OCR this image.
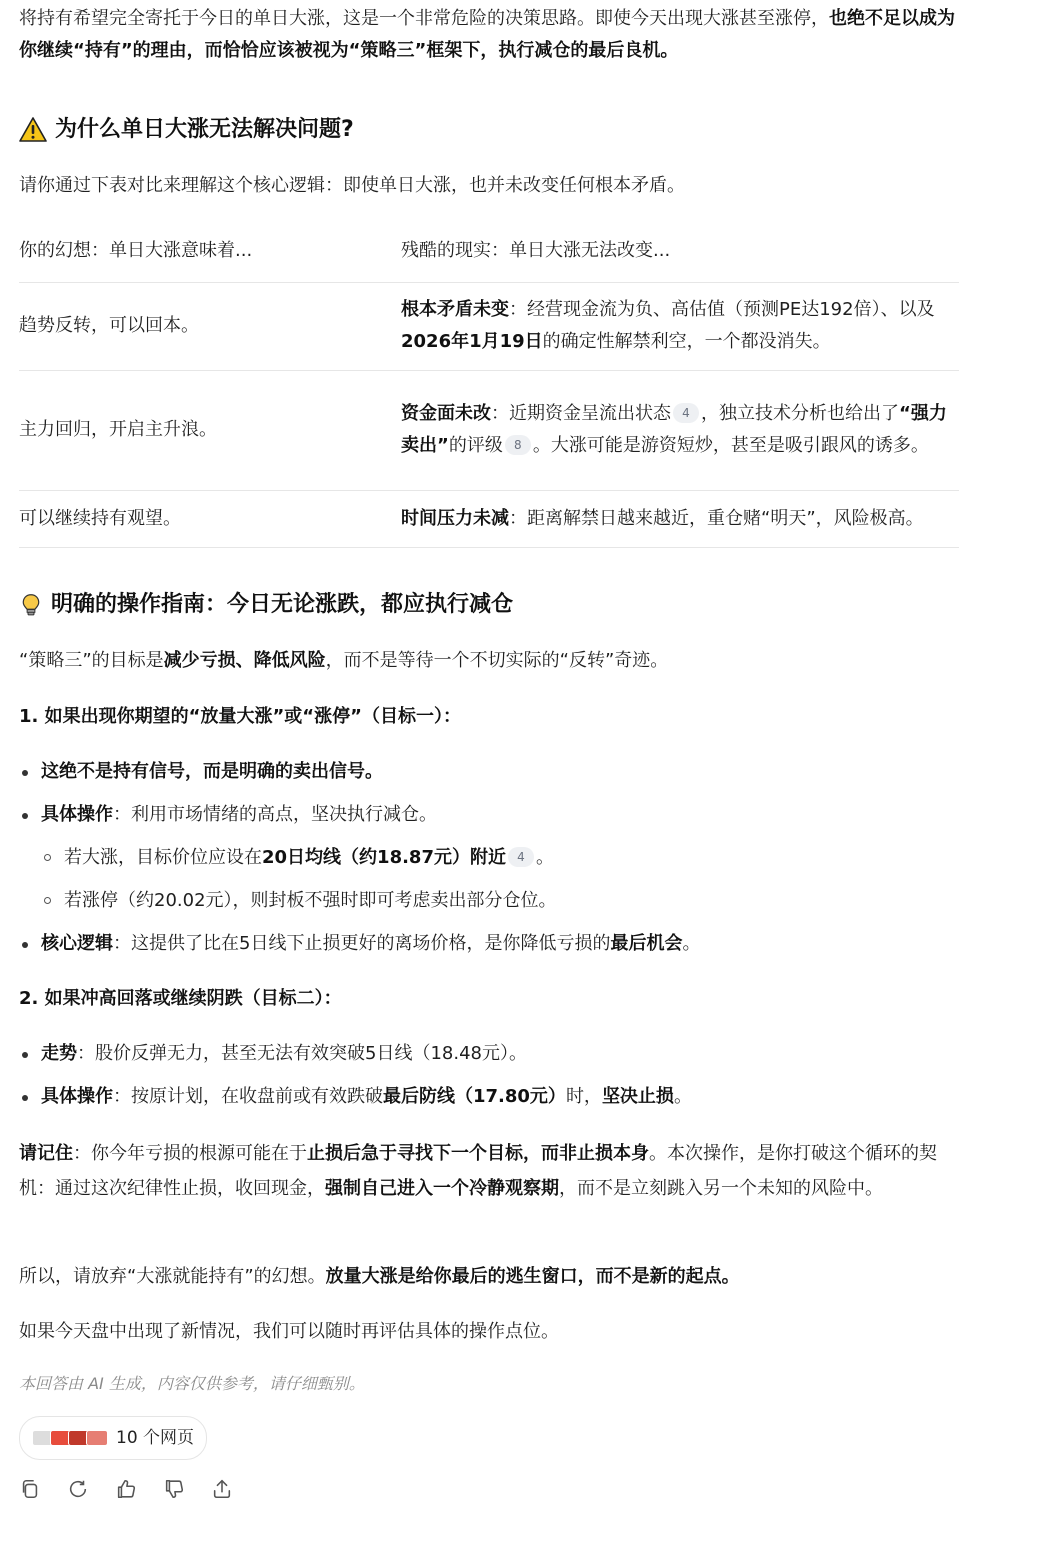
将持有希望完全寄托于今日的单日大涨，这是一个非常危险的决策思路。即使今天出现大涨甚至涨停，也绝不足以成为你继续“持有”的理由，而恰恰应该被视为“策略三”框架下，执行减仓的最后良机。

为什么单日大涨无法解决问题?

请你通过下表对比来理解这个核心逻辑：即使单日大涨，也并未改变任何根本矛盾。

你的幻想：单日大涨意味着...	残酷的现实：单日大涨无法改变...
趋势反转，可以回本。	根本矛盾未变：经营现金流为负、高估值（预测PE达192倍）、以及2026年1月19日的确定性解禁利空，一个都没消失。
主力回归，开启主升浪。	资金面未改：近期资金呈流出状态 4 ，独立技术分析也给出了“强力卖出”的评级 8 。大涨可能是游资短炒，甚至是吸引跟风的诱多。
可以继续持有观望。	时间压力未减：距离解禁日越来越近，重仓赌“明天”，风险极高。
明确的操作指南：今日无论涨跌，都应执行减仓

“策略三”的目标是减少亏损、降低风险，而不是等待一个不切实际的“反转”奇迹。

1. 如果出现你期望的“放量大涨”或“涨停”（目标一）：

这绝不是持有信号，而是明确的卖出信号。
具体操作：利用市场情绪的高点，坚决执行减仓。
若大涨，目标价位应设在20日均线（约18.87元）附近 4 。
若涨停（约20.02元），则封板不强时即可考虑卖出部分仓位。
核心逻辑：这提供了比在5日线下止损更好的离场价格，是你降低亏损的最后机会。

2. 如果冲高回落或继续阴跌（目标二）：

走势：股价反弹无力，甚至无法有效突破5日线（18.48元）。
具体操作：按原计划，在收盘前或有效跌破最后防线（17.80元）时，坚决止损。

请记住：你今年亏损的根源可能在于止损后急于寻找下一个目标，而非止损本身。本次操作，是你打破这个循环的契机：通过这次纪律性止损，收回现金，强制自己进入一个冷静观察期，而不是立刻跳入另一个未知的风险中。

所以，请放弃“大涨就能持有”的幻想。放量大涨是给你最后的逃生窗口，而不是新的起点。

如果今天盘中出现了新情况，我们可以随时再评估具体的操作点位。

本回答由 AI 生成，内容仅供参考，请仔细甄别。

10 个网页
